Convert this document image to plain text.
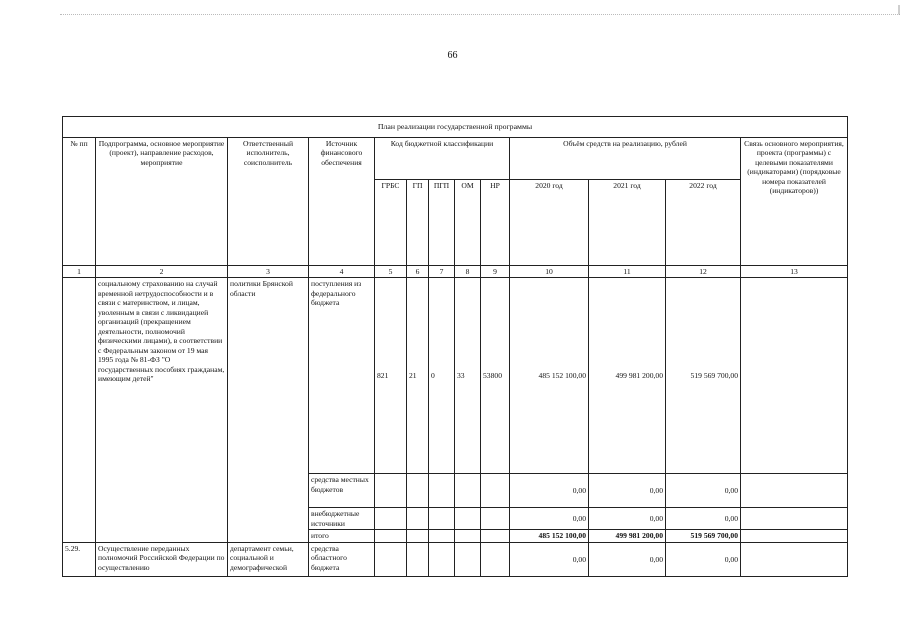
|
66
План реализации государственной программы												
№ пп	Подпрограмма, основное мероприятие (проект), направление расходов, мероприятие	Ответственный исполнитель, соисполнитель	Источник финансового обеспечения	Код бюджетной классификации					Объём средств на реализацию, рублей			Связь основного мероприятия, проекта (программы) с целевыми показателями (индикаторами) (порядковые номера показателей (индикаторов))
				ГРБС	ГП	ПГП	ОМ	НР	2020 год	2021 год	2022 год	
1	2	3	4	5	6	7	8	9	10	11	12	13
	социальному страхованию на случай временной нетрудоспособности и в связи с материнством, и лицам, уволенным в связи с ликвидацией организаций (прекращением деятельности, полномочий физическими лицами), в соответствии с Федеральным законом от 19 мая 1995 года № 81-ФЗ "О государственных пособиях гражданам, имеющим детей"	политики Брянской области	поступления из федерального бюджета	821	21	0	33	53800	485 152 100,00	499 981 200,00	519 569 700,00	
			средства местных бюджетов						0,00	0,00	0,00	
			внебюджетные источники						0,00	0,00	0,00	
			итого						485 152 100,00	499 981 200,00	519 569 700,00	
5.29.	Осуществление переданных полномочий Российской Федерации по осуществлению	департамент семьи, социальной и демографической	средства областного бюджета						0,00	0,00	0,00	
